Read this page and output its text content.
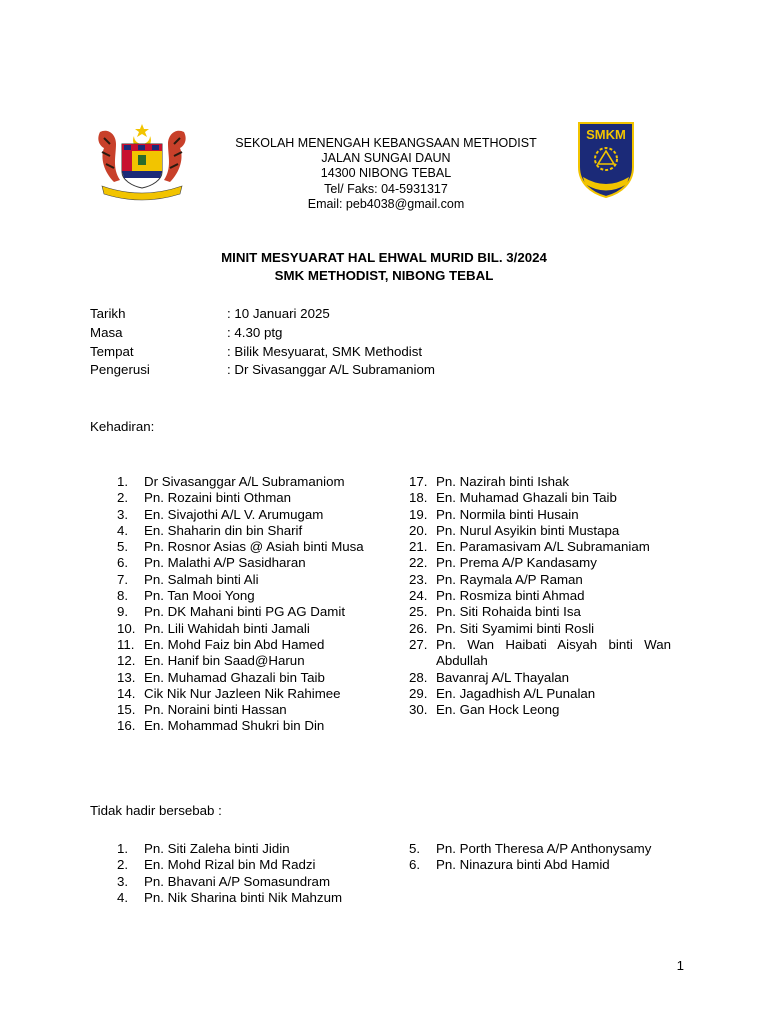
SMKM
SEKOLAH MENENGAH KEBANGSAAN METHODIST
JALAN SUNGAI DAUN
14300 NIBONG TEBAL
Tel/ Faks: 04-5931317
Email: peb4038@gmail.com
MINIT MESYUARAT HAL EHWAL MURID BIL. 3/2024
SMK METHODIST, NIBONG TEBAL
Tarikh	: 10 Januari 2025
Masa	: 4.30 ptg
Tempat	: Bilik Mesyuarat, SMK Methodist
Pengerusi	: Dr Sivasanggar A/L Subramaniom
Kehadiran:
1.	Dr Sivasanggar A/L Subramaniom
2.	Pn. Rozaini binti Othman
3.	En. Sivajothi A/L V. Arumugam
4.	En. Shaharin din bin Sharif
5.	Pn. Rosnor Asias @ Asiah binti Musa
6.	Pn. Malathi A/P Sasidharan
7.	Pn. Salmah binti Ali
8.	Pn. Tan Mooi Yong
9.	Pn. DK Mahani binti PG AG Damit
10. Pn. Lili Wahidah binti Jamali
11. En. Mohd Faiz bin Abd Hamed
12. En. Hanif bin Saad@Harun
13. En. Muhamad Ghazali bin Taib
14. Cik Nik Nur Jazleen Nik Rahimee
15. Pn. Noraini binti Hassan
16. En. Mohammad Shukri bin Din
17. Pn. Nazirah binti Ishak
18. En. Muhamad Ghazali bin Taib
19. Pn. Normila binti Husain
20. Pn. Nurul Asyikin binti Mustapa
21. En. Paramasivam A/L Subramaniam
22. Pn. Prema A/P Kandasamy
23. Pn. Raymala A/P Raman
24. Pn. Rosmiza binti Ahmad
25. Pn. Siti Rohaida binti Isa
26. Pn. Siti Syamimi binti Rosli
27. Pn. Wan Haibati Aisyah binti Wan Abdullah
28. Bavanraj A/L Thayalan
29. En. Jagadhish A/L Punalan
30. En. Gan Hock Leong
Tidak hadir bersebab :
1.	Pn. Siti Zaleha binti Jidin
2.	En. Mohd Rizal bin Md Radzi
3.	Pn. Bhavani A/P Somasundram
4.	Pn. Nik Sharina binti Nik Mahzum
5.	Pn. Porth Theresa A/P Anthonysamy
6.	Pn. Ninazura binti Abd Hamid
1
